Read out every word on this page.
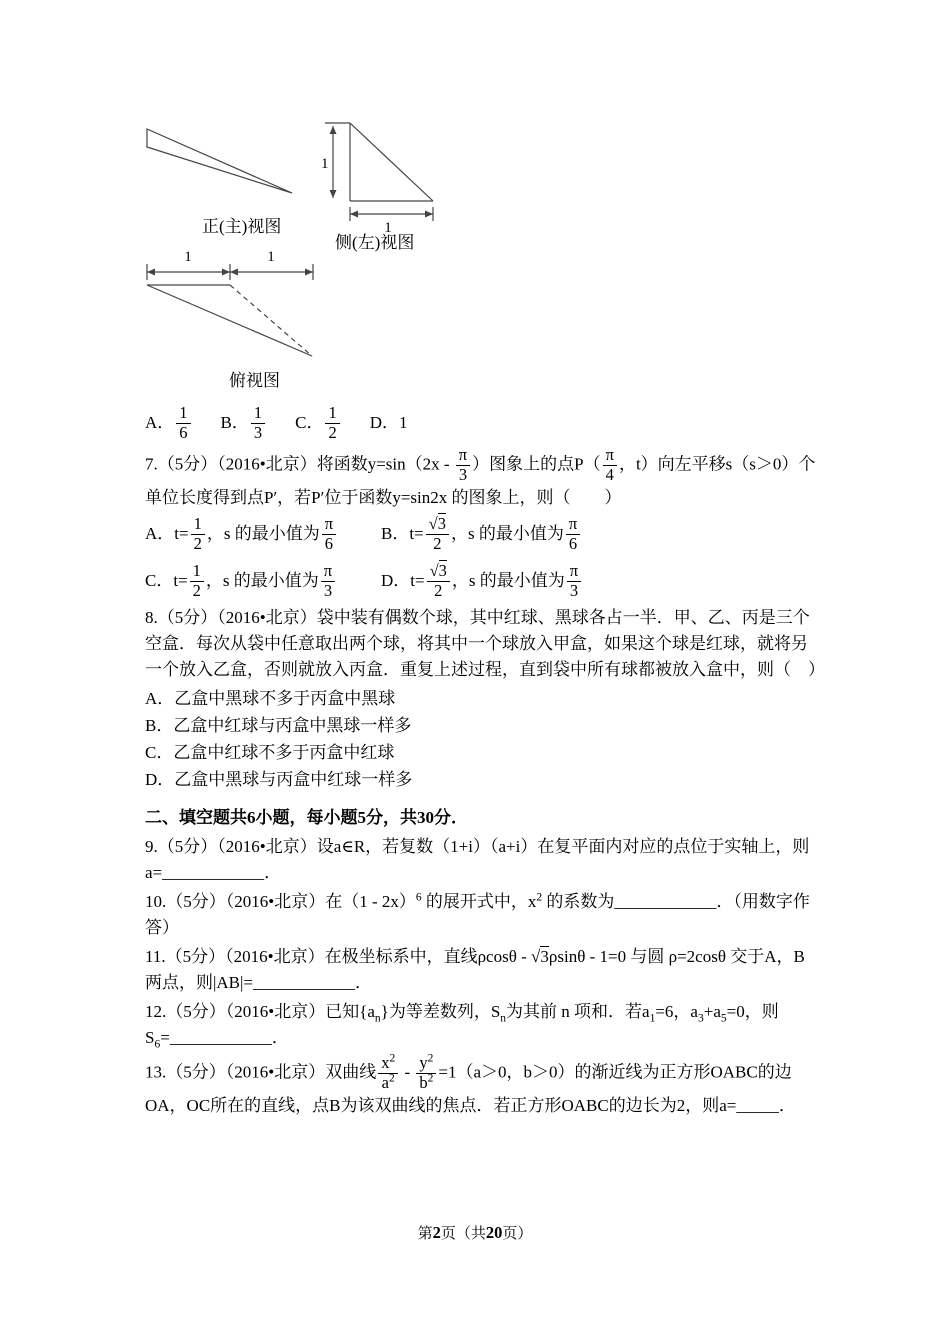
正(主)视图
1
1
侧(左)视图
1	1
俯视图
A． $\frac{1}{6}$ B． $\frac{1}{3}$ C． $\frac{1}{2}$ D． 1

7.（5分）（2016•北京）将函数$y=\sin(2x - \frac{\pi}{3}$ ）图象上的点$P( \frac{\pi}{4}$ ，t）向左平移s（s＞0）个单位长度得到点P′，若P′位于函数y=sin2x 的图象上，则（　　）

A．$t= \frac{1}{2}$ ，s 的最小值为 $\frac{\pi}{6}$	B．$t= \frac{√3}{2}$ ，s 的最小值为 $\frac{\pi}{6}$
C．$t= \frac{1}{2}$ ，s 的最小值为 $\frac{\pi}{3}$	D．$t= \frac{√3}{2}$ ，s 的最小值为 $\frac{\pi}{3}$

8.（5分）（2016•北京）袋中装有偶数个球，其中红球、黑球各占一半．甲、乙、丙是三个空盒．每次从袋中任意取出两个球，将其中一个球放入甲盒，如果这个球是红球，就将另一个放入乙盒，否则就放入丙盒．重复上述过程，直到袋中所有球都被放入盒中，则（　）

A．乙盒中黑球不多于丙盒中黑球

B．乙盒中红球与丙盒中黑球一样多

C．乙盒中红球不多于丙盒中红球

D．乙盒中黑球与丙盒中红球一样多

二、填空题共6小题，每小题5分，共30分．

9.（5分）（2016•北京）设a∈R，若复数（1+i）（a+i）在复平面内对应的点位于实轴上，则a=____________．

10.（5分）（2016•北京）在（1 - 2x）$^6$ 的展开式中，$x^2$ 的系数为____________．（用数字作答）

11.（5分）（2016•北京）在极坐标系中，直线ρcosθ - √3ρsinθ - 1=0 与圆 ρ=2cosθ 交于A，B两点，则|AB|=____________．

12.（5分）（2016•北京）已知$\{a_n\}$为等差数列，$S_n$为其前 n 项和．若$a_1=6$，$a_3+a_5=0$，则$S_6=\_\_\_\_\_\_\_\_\_\_\_\_$．

13.（5分）（2016•北京）双曲线 $\frac{x^2}{a^2} - \frac{y^2}{b^2} =1(a>0$，b＞0）的渐近线为正方形OABC的边OA，OC所在的直线，点B为该双曲线的焦点．若正方形OABC的边长为2，则a=_____．

第2页（共20页）
